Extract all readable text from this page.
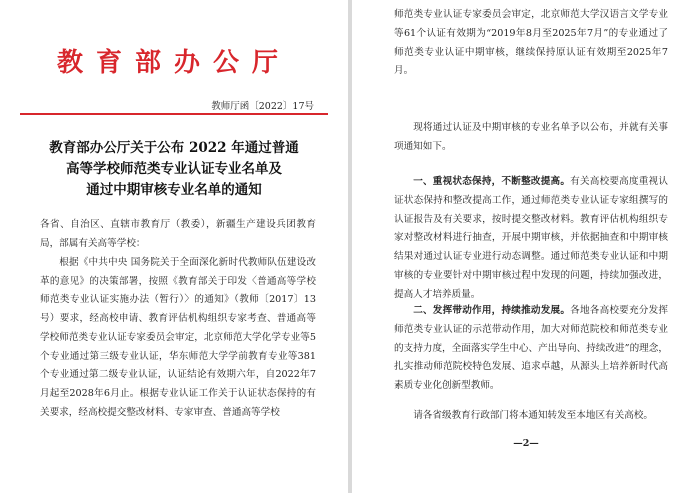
教育部办公厅
教师厅函〔2022〕17号
教育部办公厅关于公布 2022 年通过普通
高等学校师范类专业认证专业名单及
通过中期审核专业名单的通知
各省、自治区、直辖市教育厅（教委），新疆生产建设兵团教育局，部属有关高等学校：
根据《中共中央 国务院关于全面深化新时代教师队伍建设改革的意见》的决策部署，按照《教育部关于印发〈普通高等学校师范类专业认证实施办法（暂行）〉的通知》（教师〔2017〕13号）要求，经高校申请、教育评估机构组织专家考查、普通高等学校师范类专业认证专家委员会审定，北京师范大学化学专业等5个专业通过第三级专业认证，华东师范大学学前教育专业等381个专业通过第二级专业认证，认证结论有效期六年，自2022年7月起至2028年6月止。根据专业认证工作关于认证状态保持的有关要求，经高校提交整改材料、专家审查、普通高等学校
师范类专业认证专家委员会审定，北京师范大学汉语言文学专业等61个认证有效期为“2019年8月至2025年7月”的专业通过了师范类专业认证中期审核，继续保持原认证有效期至2025年7月。
现将通过认证及中期审核的专业名单予以公布，并就有关事项通知如下。
一、重视状态保持，不断整改提高。有关高校要高度重视认证状态保持和整改提高工作，通过师范类专业认证专家组撰写的认证报告及有关要求，按时提交整改材料。教育评估机构组织专家对整改材料进行抽查，开展中期审核，并依据抽查和中期审核结果对通过认证专业进行动态调整。通过师范类专业认证和中期审核的专业要针对中期审核过程中发现的问题，持续加强改进，提高人才培养质量。
二、发挥带动作用，持续推动发展。各地各高校要充分发挥师范类专业认证的示范带动作用，加大对师范院校和师范类专业的支持力度，全面落实学生中心、产出导向、持续改进”的理念，扎实推动师范院校特色发展、追求卓越，从源头上培养新时代高素质专业化创新型教师。
请各省级教育行政部门将本通知转发至本地区有关高校。
—2—
